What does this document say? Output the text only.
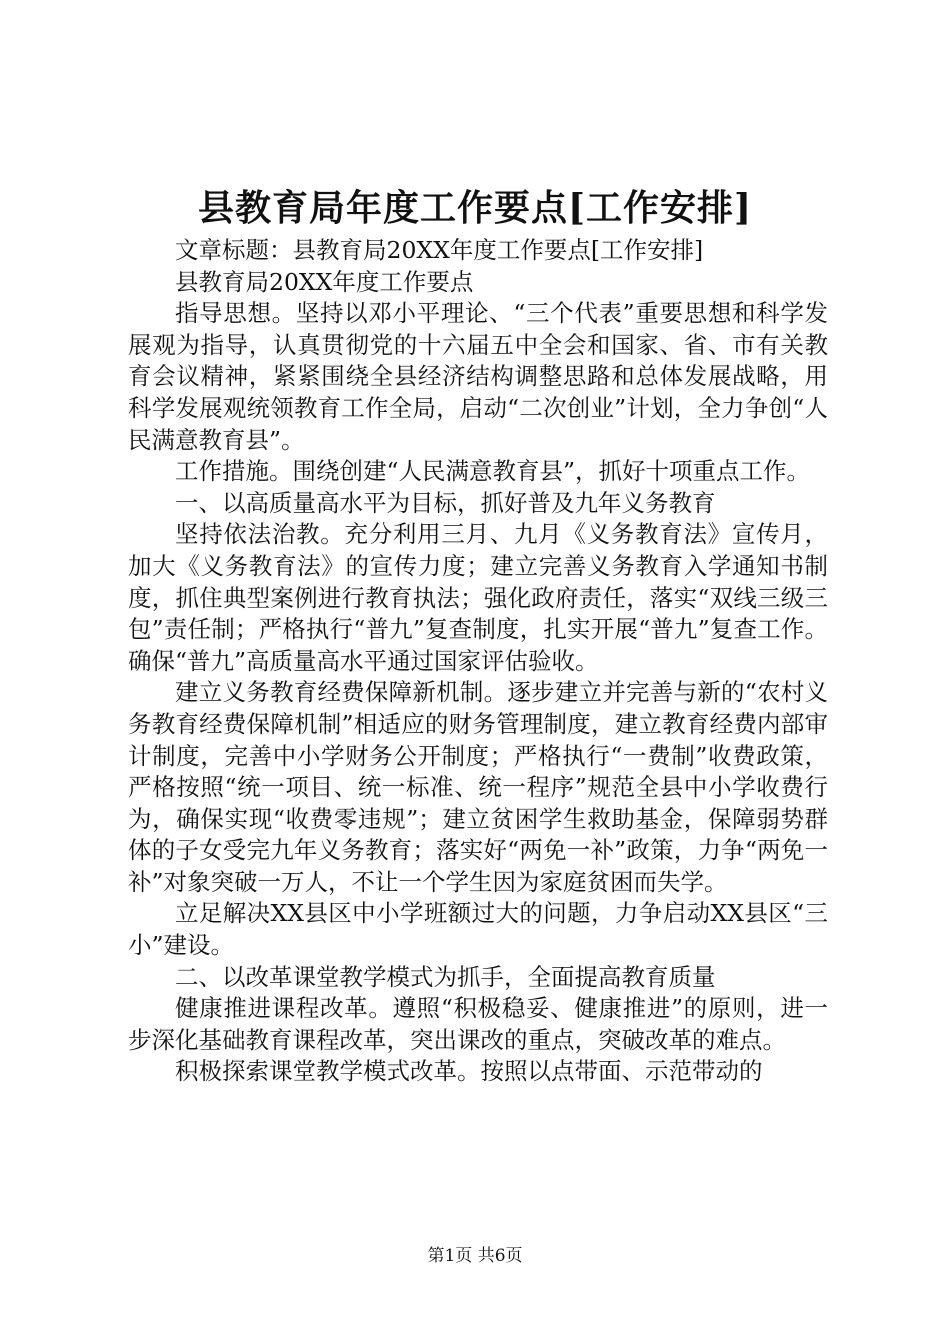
县教育局年度工作要点[工作安排]

文章标题：县教育局20XX年度工作要点[工作安排]

县教育局20XX年度工作要点

指导思想。坚持以邓小平理论、“三个代表”重要思想和科学发展观为指导，认真贯彻党的十六届五中全会和国家、省、市有关教育会议精神，紧紧围绕全县经济结构调整思路和总体发展战略，用科学发展观统领教育工作全局，启动“二次创业”计划，全力争创“人民满意教育县”。

工作措施。围绕创建“人民满意教育县”，抓好十项重点工作。

一、以高质量高水平为目标，抓好普及九年义务教育

坚持依法治教。充分利用三月、九月《义务教育法》宣传月，加大《义务教育法》的宣传力度；建立完善义务教育入学通知书制度，抓住典型案例进行教育执法；强化政府责任，落实“双线三级三包”责任制；严格执行“普九”复查制度，扎实开展“普九”复查工作。确保“普九”高质量高水平通过国家评估验收。

建立义务教育经费保障新机制。逐步建立并完善与新的“农村义务教育经费保障机制”相适应的财务管理制度，建立教育经费内部审计制度，完善中小学财务公开制度；严格执行“一费制”收费政策，严格按照“统一项目、统一标准、统一程序”规范全县中小学收费行为，确保实现“收费零违规”；建立贫困学生救助基金，保障弱势群体的子女受完九年义务教育；落实好“两免一补”政策，力争“两免一补”对象突破一万人，不让一个学生因为家庭贫困而失学。

立足解决XX县区中小学班额过大的问题，力争启动XX县区“三小”建设。

二、以改革课堂教学模式为抓手，全面提高教育质量

健康推进课程改革。遵照“积极稳妥、健康推进”的原则，进一步深化基础教育课程改革，突出课改的重点，突破改革的难点。

积极探索课堂教学模式改革。按照以点带面、示范带动的

第1页 共6页
